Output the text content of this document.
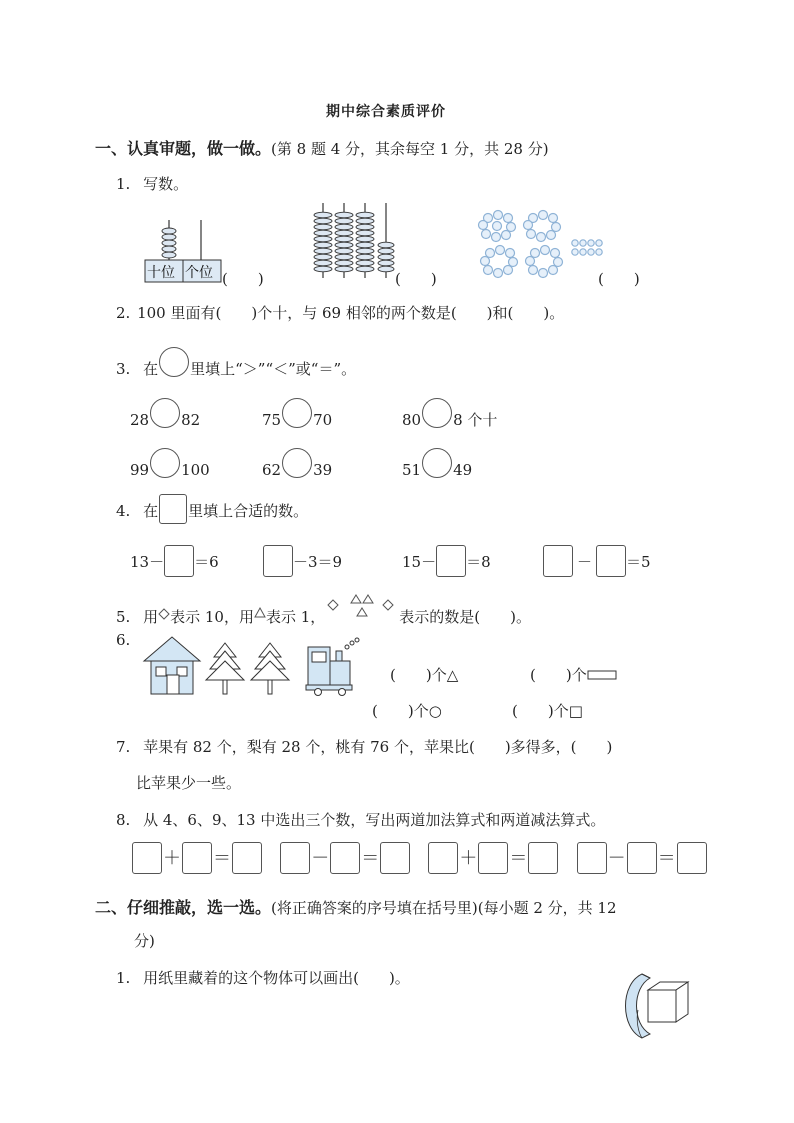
期中综合素质评价
一、认真审题，做一做。(第 8 题 4 分，其余每空 1 分，共 28 分)
1. 写数。
十位 个位 (　　)	(　　)	(　　)
2. 100 里面有(　　)个十，与 69 相邻的两个数是(　　)和(　　)。
3. 在 里填上“＞”“＜”或“＝”。
28 82	75 70	80 8 个十
99 100	62 39	51 49
4. 在 里填上合适的数。
13－ ＝6	－3＝9	15－ ＝8	－ ＝5
5. 用 表示 10，用 表示 1，	表示的数是(　　)。
6.
(　　)个△	(　　)个
(　　)个○	(　　)个□
7. 苹果有 82 个，梨有 28 个，桃有 76 个，苹果比(　　)多得多，(　　)
比苹果少一些。
8. 从 4、6、9、13 中选出三个数，写出两道加法算式和两道减法算式。
＋ ＝	－ ＝	＋ ＝	－ ＝
二、仔细推敲，选一选。(将正确答案的序号填在括号里)(每小题 2 分，共 12
分)
1. 用纸里藏着的这个物体可以画出(　　)。
